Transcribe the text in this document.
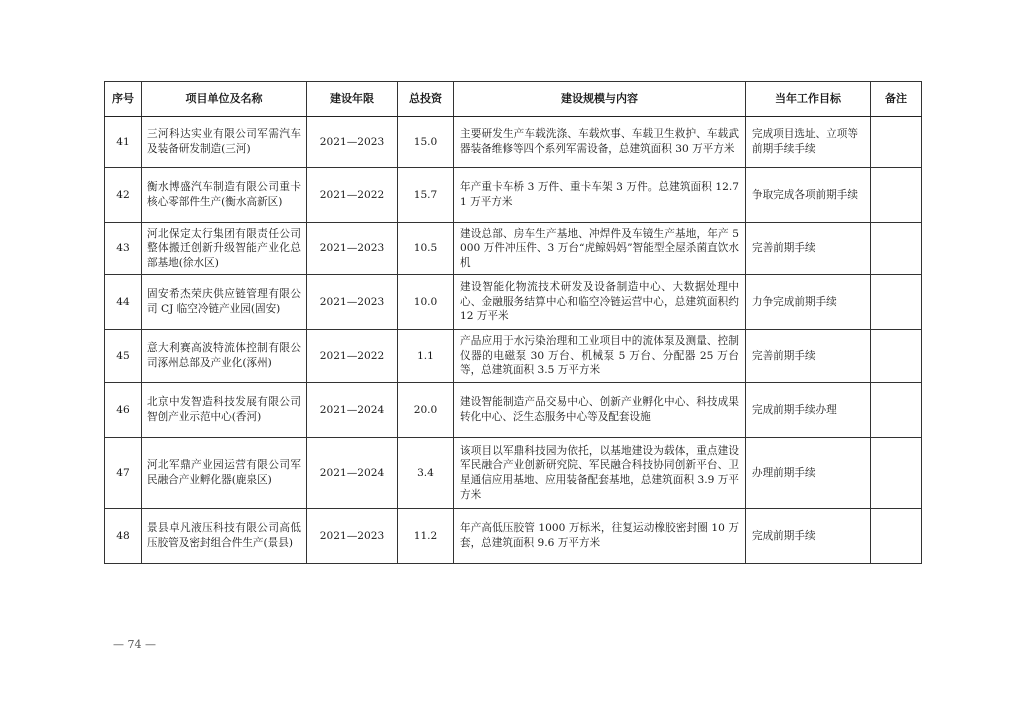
序号	项目单位及名称	建设年限	总投资	建设规模与内容	当年工作目标	备注
41	三河科达实业有限公司军需汽车及装备研发制造(三河)	2021—2023	15.0	主要研发生产车载洗涤、车载炊事、车载卫生救护、车载武器装备维修等四个系列军需设备，总建筑面积 30 万平方米	完成项目选址、立项等前期手续手续	
42	衡水博盛汽车制造有限公司重卡核心零部件生产(衡水高新区)	2021—2022	15.7	年产重卡车桥 3 万件、重卡车架 3 万件。总建筑面积 12.71 万平方米	争取完成各项前期手续	
43	河北保定太行集团有限责任公司整体搬迁创新升级智能产业化总部基地(徐水区)	2021—2023	10.5	建设总部、房车生产基地、冲焊件及车镜生产基地，年产 5000 万件冲压件、3 万台“虎鲸妈妈”智能型全屋杀菌直饮水机	完善前期手续	
44	固安希杰荣庆供应链管理有限公司 CJ 临空冷链产业园(固安)	2021—2023	10.0	建设智能化物流技术研发及设备制造中心、大数据处理中心、金融服务结算中心和临空冷链运营中心，总建筑面积约 12 万平米	力争完成前期手续	
45	意大利赛高波特流体控制有限公司涿州总部及产业化(涿州)	2021—2022	1.1	产品应用于水污染治理和工业项目中的流体泵及测量、控制仪器的电磁泵 30 万台、机械泵 5 万台、分配器 25 万台等，总建筑面积 3.5 万平方米	完善前期手续	
46	北京中发智造科技发展有限公司智创产业示范中心(香河)	2021—2024	20.0	建设智能制造产品交易中心、创新产业孵化中心、科技成果转化中心、泛生态服务中心等及配套设施	完成前期手续办理	
47	河北军鼎产业园运营有限公司军民融合产业孵化器(鹿泉区)	2021—2024	3.4	该项目以军鼎科技园为依托，以基地建设为载体，重点建设军民融合产业创新研究院、军民融合科技协同创新平台、卫星通信应用基地、应用装备配套基地，总建筑面积 3.9 万平方米	办理前期手续	
48	景县卓凡液压科技有限公司高低压胶管及密封组合件生产(景县)	2021—2023	11.2	年产高低压胶管 1000 万标米，往复运动橡胶密封圈 10 万套，总建筑面积 9.6 万平方米	完成前期手续	
— 74 —
